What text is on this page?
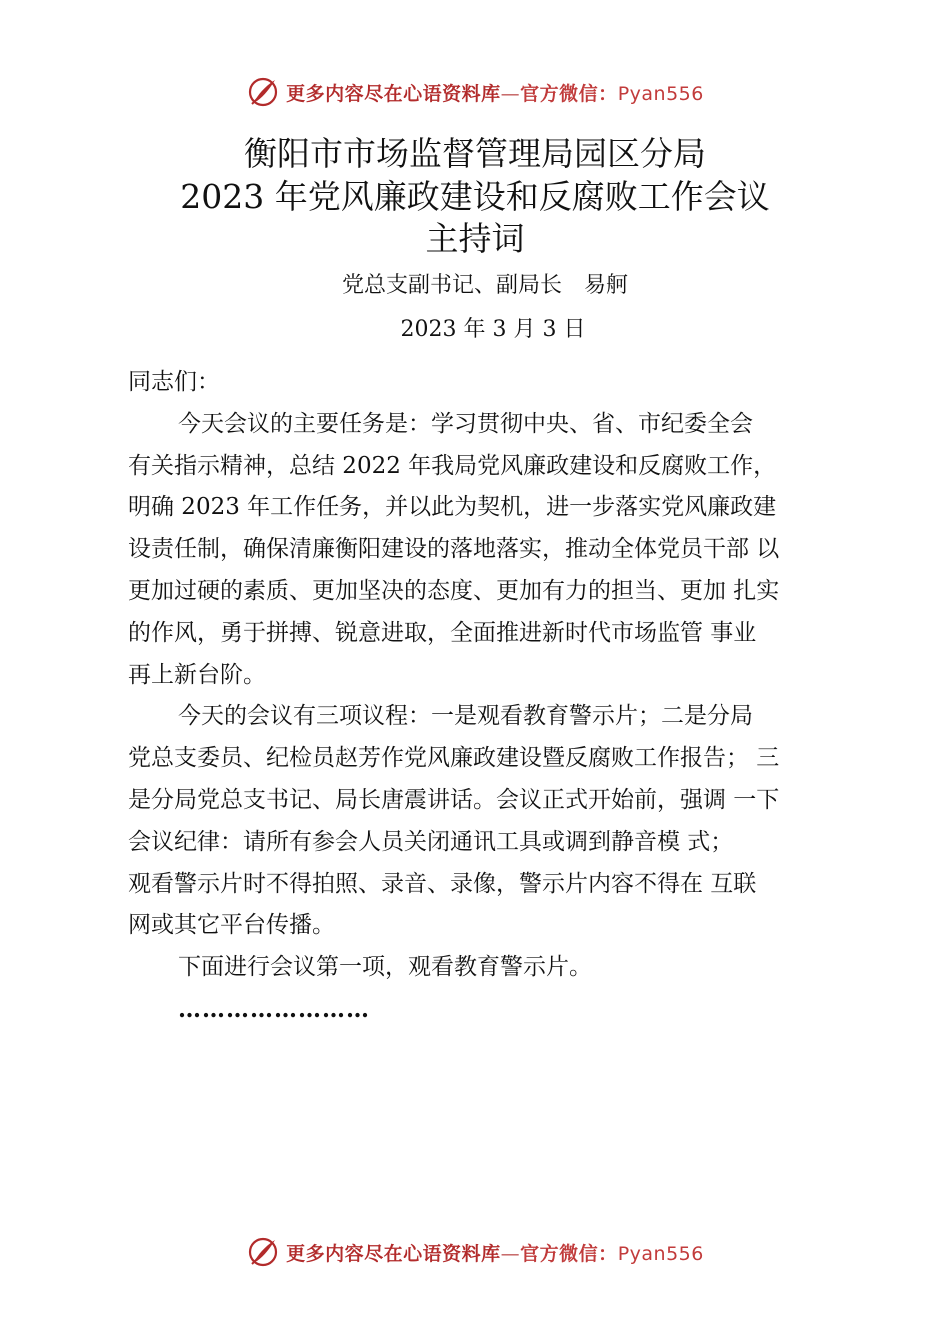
更多内容尽在心语资料库—官方微信：Pyan556
衡阳市市场监督管理局园区分局
2023 年党风廉政建设和反腐败工作会议
主持词
党总支副书记、副局长　易舸
2023 年 3 月 3 日

同志们：

今天会议的主要任务是：学习贯彻中央、省、市纪委全会
有关指示精神，总结 2022 年我局党风廉政建设和反腐败工作，
明确 2023 年工作任务，并以此为契机，进一步落实党风廉政建
设责任制，确保清廉衡阳建设的落地落实，推动全体党员干部 以
更加过硬的素质、更加坚决的态度、更加有力的担当、更加 扎实
的作风，勇于拼搏、锐意进取，全面推进新时代市场监管 事业
再上新台阶。

今天的会议有三项议程：一是观看教育警示片；二是分局
党总支委员、纪检员赵芳作党风廉政建设暨反腐败工作报告； 三
是分局党总支书记、局长唐震讲话。会议正式开始前，强调 一下
会议纪律：请所有参会人员关闭通讯工具或调到静音模 式；
观看警示片时不得拍照、录音、录像，警示片内容不得在 互联
网或其它平台传播。

下面进行会议第一项，观看教育警示片。

……………………
更多内容尽在心语资料库—官方微信：Pyan556
